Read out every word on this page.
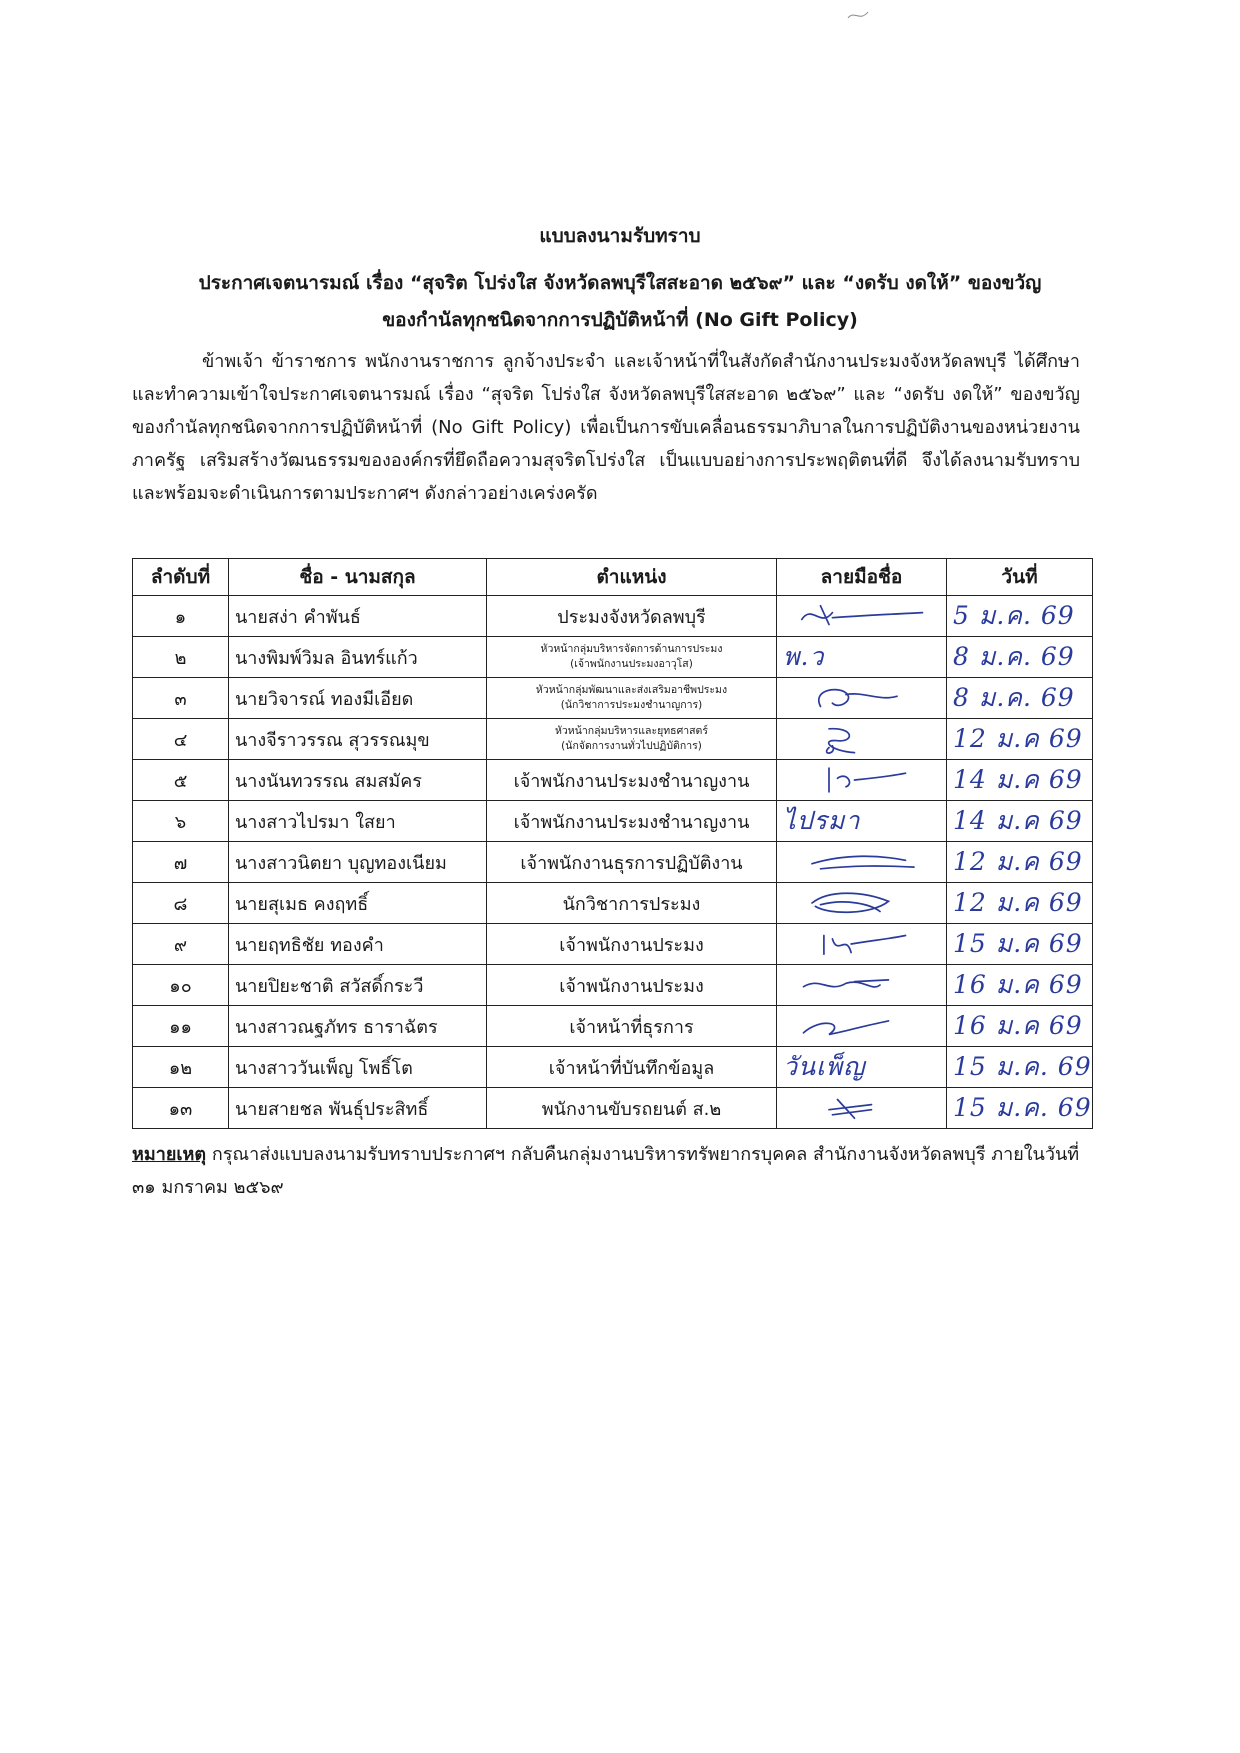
แบบลงนามรับทราบ
ประกาศเจตนารมณ์ เรื่อง “สุจริต โปร่งใส จังหวัดลพบุรีใสสะอาด ๒๕๖๙” และ “งดรับ งดให้” ของขวัญ
ของกำนัลทุกชนิดจากการปฏิบัติหน้าที่ (No Gift Policy)
ข้าพเจ้า ข้าราชการ พนักงานราชการ ลูกจ้างประจำ และเจ้าหน้าที่ในสังกัดสำนักงานประมงจังหวัดลพบุรี ได้ศึกษาและทำความเข้าใจประกาศเจตนารมณ์ เรื่อง “สุจริต โปร่งใส จังหวัดลพบุรีใสสะอาด ๒๕๖๙” และ “งดรับ งดให้” ของขวัญ ของกำนัลทุกชนิดจากการปฏิบัติหน้าที่ (No Gift Policy) เพื่อเป็นการขับเคลื่อนธรรมาภิบาลในการปฏิบัติงานของหน่วยงานภาครัฐ เสริมสร้างวัฒนธรรมขององค์กรที่ยึดถือความสุจริตโปร่งใส เป็นแบบอย่างการประพฤติตนที่ดี จึงได้ลงนามรับทราบและพร้อมจะดำเนินการตามประกาศฯ ดังกล่าวอย่างเคร่งครัด
ลำดับที่	ชื่อ - นามสกุล	ตำแหน่ง	ลายมือชื่อ	วันที่
๑	นายสง่า คำพันธ์	ประมงจังหวัดลพบุรี		5 ม.ค. 69
๒	นางพิมพ์วิมล อินทร์แก้ว	หัวหน้ากลุ่มบริหารจัดการด้านการประมง
(เจ้าพนักงานประมงอาวุโส)	พ.ว	8 ม.ค. 69
๓	นายวิจารณ์ ทองมีเอียด	หัวหน้ากลุ่มพัฒนาและส่งเสริมอาชีพประมง
(นักวิชาการประมงชำนาญการ)		8 ม.ค. 69
๔	นางจีราวรรณ สุวรรณมุข	หัวหน้ากลุ่มบริหารและยุทธศาสตร์
(นักจัดการงานทั่วไปปฏิบัติการ)		12 ม.ค 69
๕	นางนันทวรรณ สมสมัคร	เจ้าพนักงานประมงชำนาญงาน		14 ม.ค 69
๖	นางสาวไปรมา ใสยา	เจ้าพนักงานประมงชำนาญงาน	ไปรมา	14 ม.ค 69
๗	นางสาวนิตยา บุญทองเนียม	เจ้าพนักงานธุรการปฏิบัติงาน		12 ม.ค 69
๘	นายสุเมธ คงฤทธิ์	นักวิชาการประมง		12 ม.ค 69
๙	นายฤทธิชัย ทองคำ	เจ้าพนักงานประมง		15 ม.ค 69
๑๐	นายปิยะชาติ สวัสดิ์กระวี	เจ้าพนักงานประมง		16 ม.ค 69
๑๑	นางสาวณฐภัทร ธาราฉัตร	เจ้าหน้าที่ธุรการ		16 ม.ค 69
๑๒	นางสาววันเพ็ญ โพธิ์โต	เจ้าหน้าที่บันทึกข้อมูล	วันเพ็ญ	15 ม.ค. 69
๑๓	นายสายชล พันธุ์ประสิทธิ์	พนักงานขับรถยนต์ ส.๒		15 ม.ค. 69
หมายเหตุ กรุณาส่งแบบลงนามรับทราบประกาศฯ กลับคืนกลุ่มงานบริหารทรัพยากรบุคคล สำนักงานจังหวัดลพบุรี ภายในวันที่ ๓๑ มกราคม ๒๕๖๙
